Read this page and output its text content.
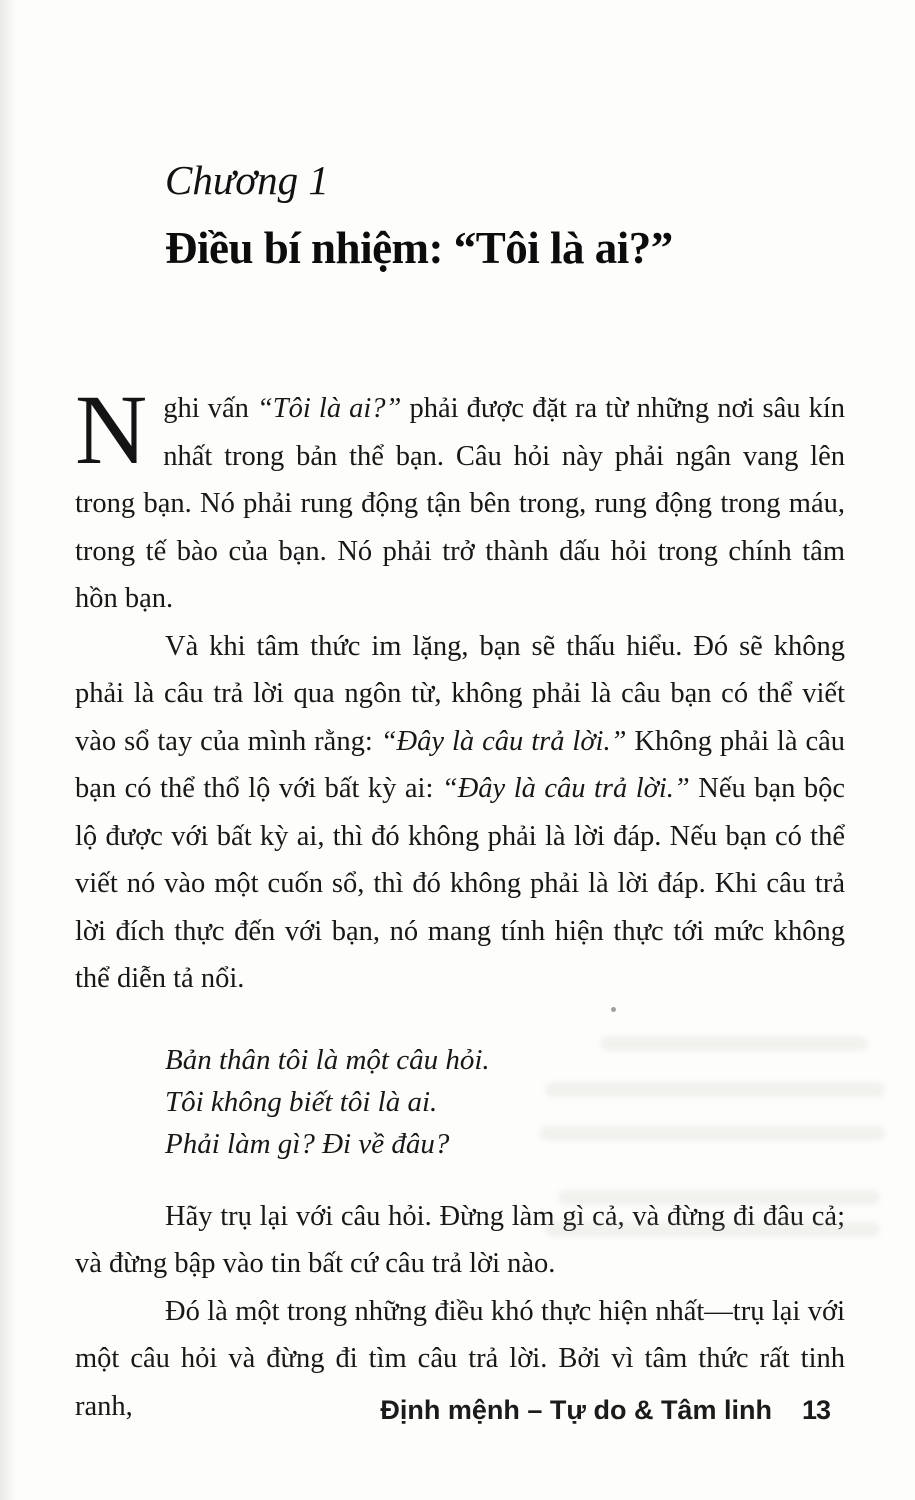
Chương 1
Điều bí nhiệm: “Tôi là ai?”

Nghi vấn “Tôi là ai?” phải được đặt ra từ những nơi sâu kín nhất trong bản thể bạn. Câu hỏi này phải ngân vang lên trong bạn. Nó phải rung động tận bên trong, rung động trong máu, trong tế bào của bạn. Nó phải trở thành dấu hỏi trong chính tâm hồn bạn.

Và khi tâm thức im lặng, bạn sẽ thấu hiểu. Đó sẽ không phải là câu trả lời qua ngôn từ, không phải là câu bạn có thể viết vào sổ tay của mình rằng: “Đây là câu trả lời.” Không phải là câu bạn có thể thổ lộ với bất kỳ ai: “Đây là câu trả lời.” Nếu bạn bộc lộ được với bất kỳ ai, thì đó không phải là lời đáp. Nếu bạn có thể viết nó vào một cuốn sổ, thì đó không phải là lời đáp. Khi câu trả lời đích thực đến với bạn, nó mang tính hiện thực tới mức không thể diễn tả nổi.

Bản thân tôi là một câu hỏi.
Tôi không biết tôi là ai.
Phải làm gì? Đi về đâu?

Hãy trụ lại với câu hỏi. Đừng làm gì cả, và đừng đi đâu cả; và đừng bập vào tin bất cứ câu trả lời nào.

Đó là một trong những điều khó thực hiện nhất—trụ lại với một câu hỏi và đừng đi tìm câu trả lời. Bởi vì tâm thức rất tinh ranh,	Định mệnh – Tự do & Tâm linh 13
